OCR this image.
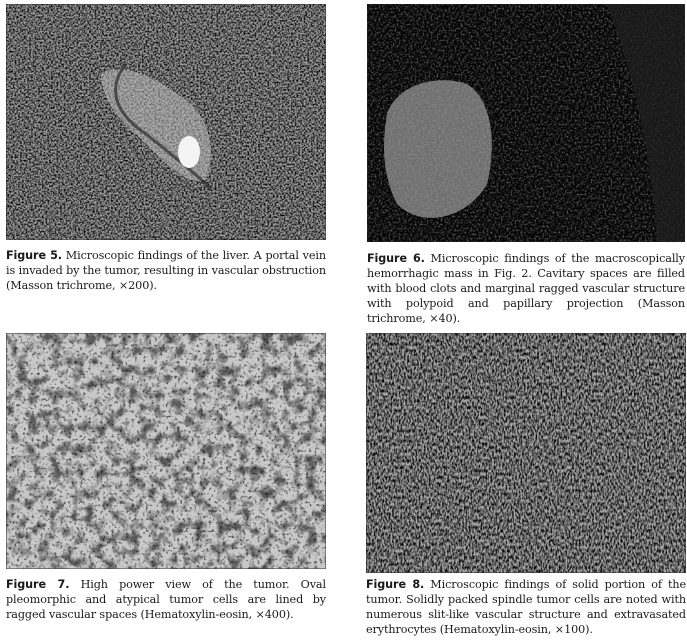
Figure 5. Microscopic findings of the liver. A portal vein is invaded by the tumor, resulting in vascular obstruction (Masson trichrome, ×200).
Figure 6. Microscopic findings of the macroscopically hemorrhagic mass in Fig. 2. Cavitary spaces are filled with blood clots and marginal ragged vascular structure with polypoid and papillary projection (Masson trichrome, ×40).
Figure 7. High power view of the tumor. Oval pleomorphic and atypical tumor cells are lined by ragged vascular spaces (Hematoxylin-eosin, ×400).
Figure 8. Microscopic findings of solid portion of the tumor. Solidly packed spindle tumor cells are noted with numerous slit-like vascular structure and extravasated erythrocytes (Hematoxylin-eosin, ×100).
